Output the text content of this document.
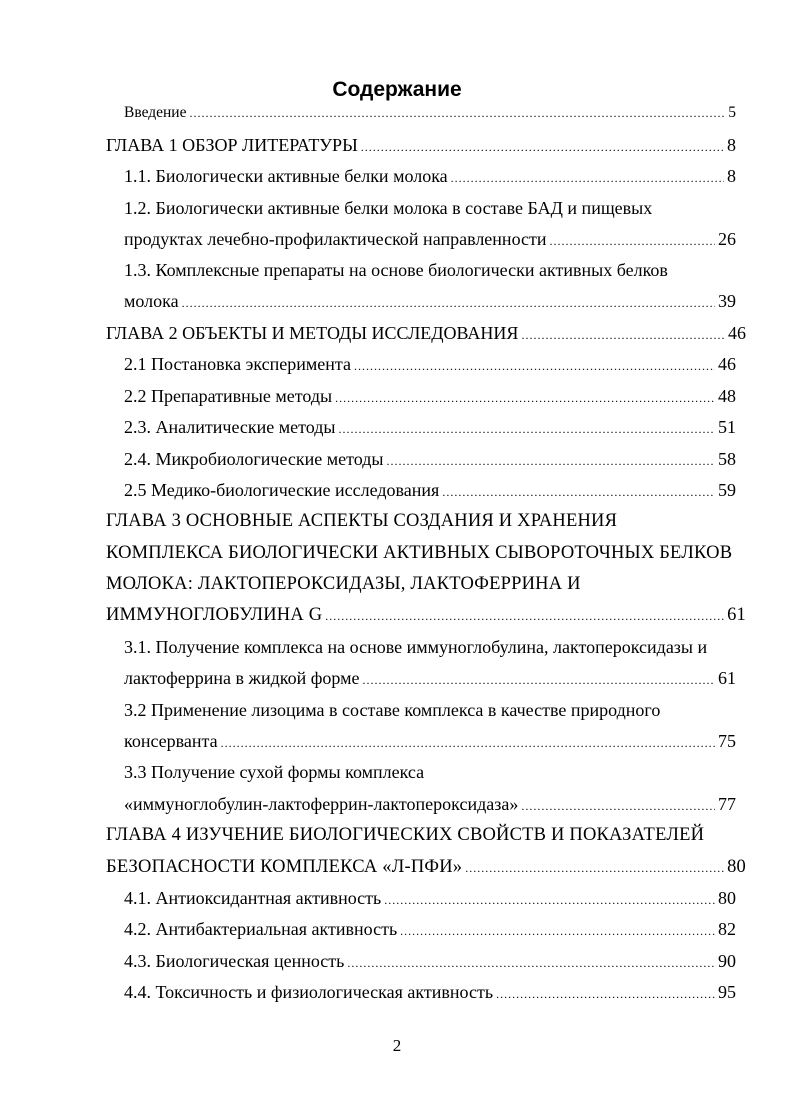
Содержание
Введение .....	5
ГЛАВА 1 ОБЗОР ЛИТЕРАТУРЫ .....	8
1.1. Биологически активные белки молока .....	8
1.2. Биологически активные белки молока в составе БАД и пищевых
продуктах лечебно-профилактической направленности .....	26
1.3. Комплексные препараты на основе биологически активных белков
молока .....	39
ГЛАВА 2 ОБЪЕКТЫ И МЕТОДЫ ИССЛЕДОВАНИЯ .....	46
2.1 Постановка эксперимента .....	46
2.2 Препаративные методы .....	48
2.3. Аналитические методы .....	51
2.4. Микробиологические методы .....	58
2.5 Медико-биологические исследования .....	59
ГЛАВА 3 ОСНОВНЫЕ АСПЕКТЫ СОЗДАНИЯ И ХРАНЕНИЯ
КОМПЛЕКСА БИОЛОГИЧЕСКИ АКТИВНЫХ СЫВОРОТОЧНЫХ БЕЛКОВ
МОЛОКА: ЛАКТОПЕРОКСИДАЗЫ, ЛАКТОФЕРРИНА И
ИММУНОГЛОБУЛИНА G .....	61
3.1. Получение комплекса на основе иммуноглобулина, лактопероксидазы и
лактоферрина в жидкой форме .....	61
3.2 Применение лизоцима в составе комплекса в качестве природного
консерванта .....	75
3.3 Получение сухой формы комплекса
«иммуноглобулин-лактоферрин-лактопероксидаза» .....	77
ГЛАВА 4 ИЗУЧЕНИЕ БИОЛОГИЧЕСКИХ СВОЙСТВ И ПОКАЗАТЕЛЕЙ
БЕЗОПАСНОСТИ КОМПЛЕКСА «Л-ПФИ» .....	80
4.1. Антиоксидантная активность .....	80
4.2. Антибактериальная активность .....	82
4.3. Биологическая ценность .....	90
4.4. Токсичность и физиологическая активность .....	95
2
